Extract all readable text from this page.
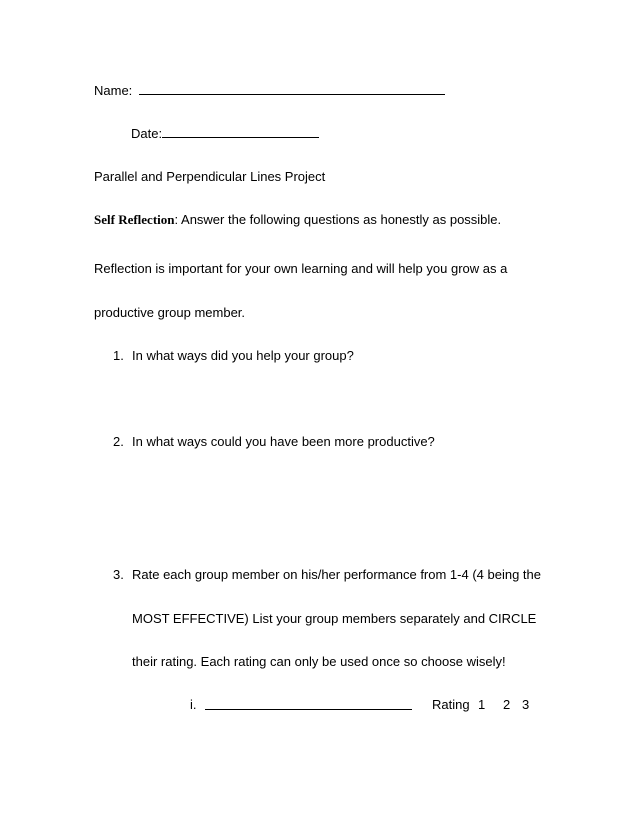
Name:
Date:
Parallel and Perpendicular Lines Project
Self Reflection: Answer the following questions as honestly as possible.
Reflection is important for your own learning and will help you grow as a
productive group member.
1. In what ways did you help your group?
2. In what ways could you have been more productive?
3. Rate each group member on his/her performance from 1-4 (4 being the
MOST EFFECTIVE) List your group members separately and CIRCLE
their rating. Each rating can only be used once so choose wisely!
i.	Rating 1 2 3
